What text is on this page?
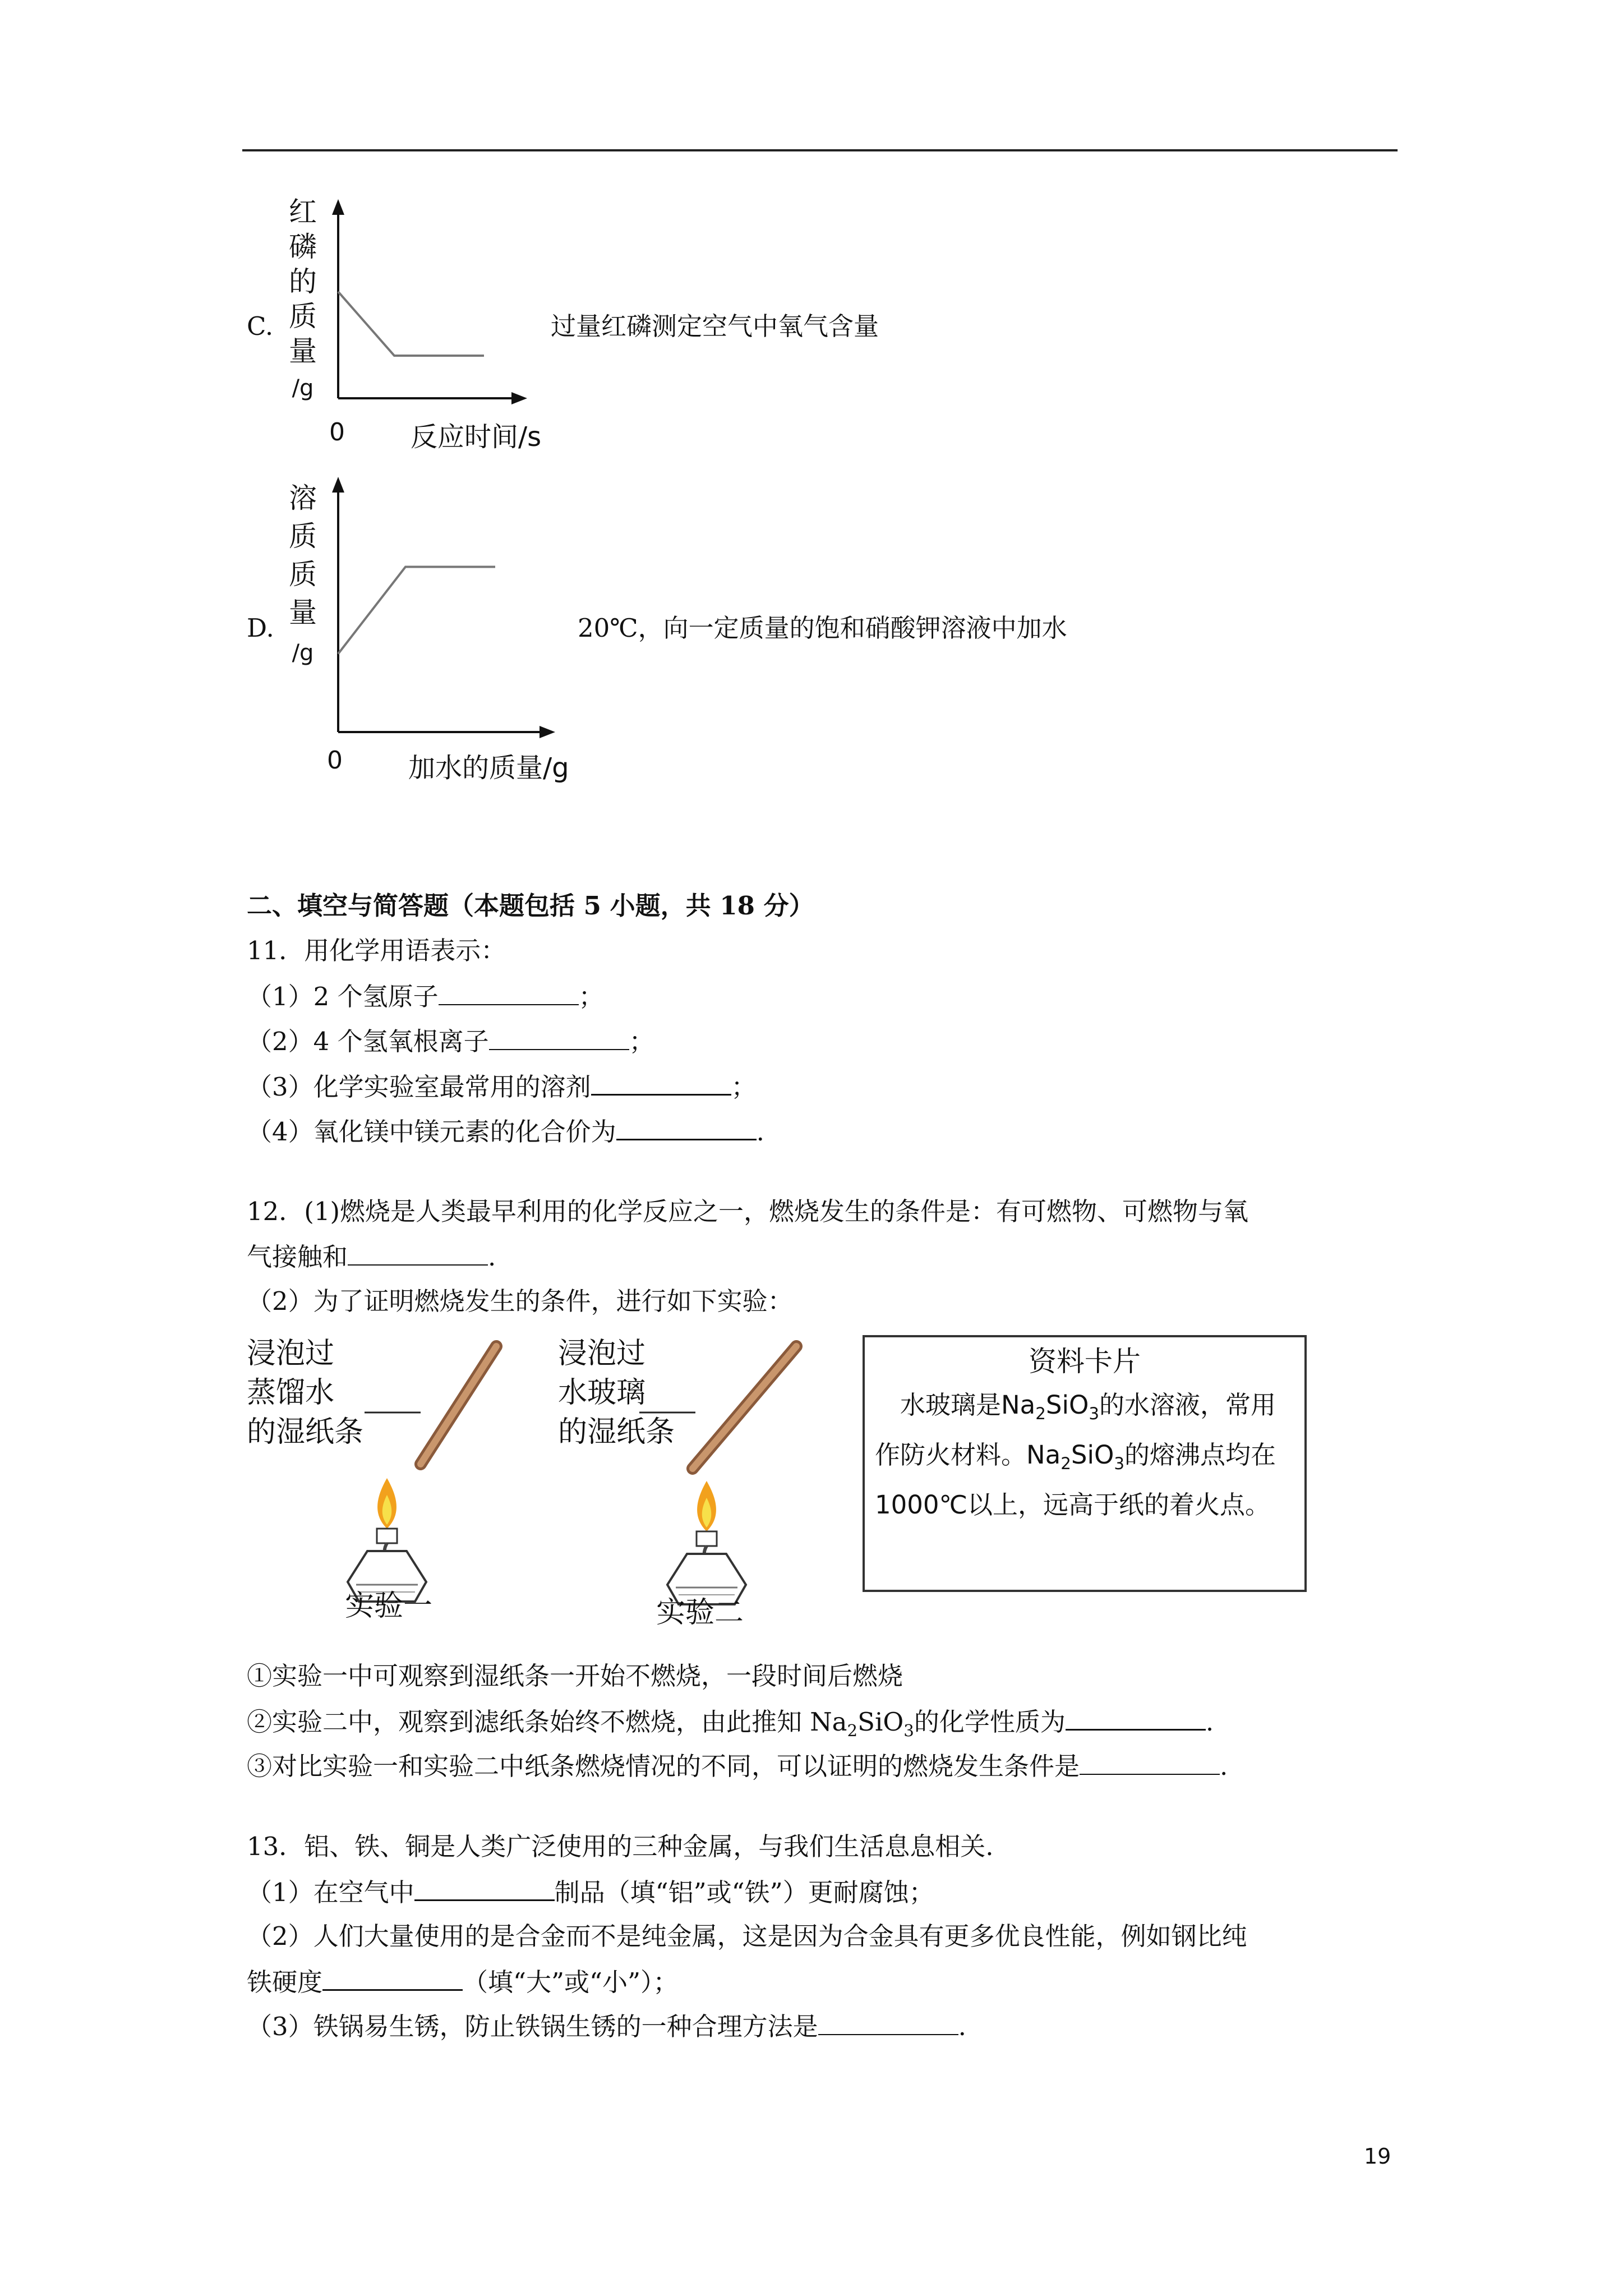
C.
红
磷
的
质
量
/g
0 反应时间/s
过量红磷测定空气中氧气含量
D.
溶
质
质
量
/g
0 加水的质量/g
20℃，向一定质量的饱和硝酸钾溶液中加水
二、填空与简答题（本题包括 5 小题，共 18 分）
11．用化学用语表示：
（1）2 个氢原子	；
（2）4 个氢氧根离子	；
（3）化学实验室最常用的溶剂	；
（4）氧化镁中镁元素的化合价为	.
12．(1)燃烧是人类最早利用的化学反应之一，燃烧发生的条件是：有可燃物、可燃物与氧
气接触和	.
（2）为了证明燃烧发生的条件，进行如下实验：
浸泡过
蒸馏水
的湿纸条
实验一
浸泡过
水玻璃
的湿纸条
实验二
资料卡片
　水玻璃是$Na_2SiO_3$的水溶液，常用作防火材料。$Na_2SiO_3$的熔沸点均在 1000℃以上，远高于纸的着火点。
①实验一中可观察到湿纸条一开始不燃烧，一段时间后燃烧
②实验二中，观察到滤纸条始终不燃烧，由此推知 $Na_2SiO_3$的化学性质为	.
③对比实验一和实验二中纸条燃烧情况的不同，可以证明的燃烧发生条件是	.
13．铝、铁、铜是人类广泛使用的三种金属，与我们生活息息相关.
（1）在空气中	制品（填“铝”或“铁”）更耐腐蚀；
（2）人们大量使用的是合金而不是纯金属，这是因为合金具有更多优良性能，例如钢比纯
铁硬度	（填“大”或“小”）；
（3）铁锅易生锈，防止铁锅生锈的一种合理方法是	.
19
